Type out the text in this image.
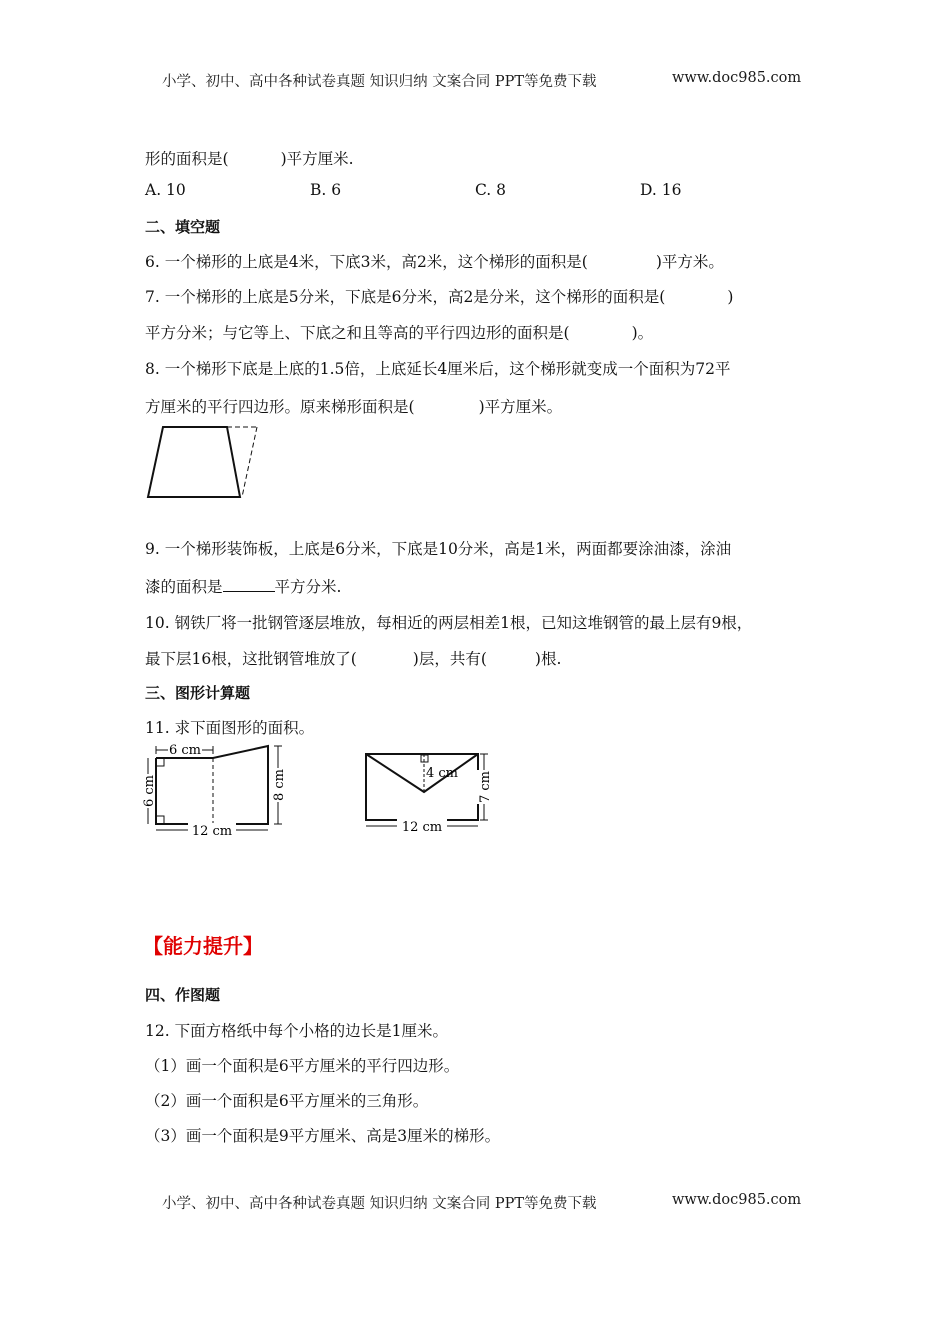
小学、初中、高中各种试卷真题 知识归纳 文案合同 PPT等免费下载	www.doc985.com
形的面积是(	)平方厘米.
A. 10	B. 6	C. 8	D. 16
二、填空题
6. 一个梯形的上底是4米，下底3米，高2米，这个梯形的面积是(	)平方米。
7. 一个梯形的上底是5分米，下底是6分米，高2是分米，这个梯形的面积是(	)
平方分米；与它等上、下底之和且等高的平行四边形的面积是(	)。
8. 一个梯形下底是上底的1.5倍，上底延长4厘米后，这个梯形就变成一个面积为72平
方厘米的平行四边形。原来梯形面积是(	)平方厘米。
9. 一个梯形装饰板，上底是6分米，下底是10分米，高是1米，两面都要涂油漆，涂油
漆的面积是	平方分米.
10. 钢铁厂将一批钢管逐层堆放，每相近的两层相差1根，已知这堆钢管的最上层有9根，
最下层16根，这批钢管堆放了(	)层，共有(	)根.
三、图形计算题
11. 求下面图形的面积。
6 cm
6 cm	8 cm
12 cm
4 cm 7 cm
12 cm
【能力提升】
四、作图题
12. 下面方格纸中每个小格的边长是1厘米。
（1）画一个面积是6平方厘米的平行四边形。
（2）画一个面积是6平方厘米的三角形。
（3）画一个面积是9平方厘米、高是3厘米的梯形。
小学、初中、高中各种试卷真题 知识归纳 文案合同 PPT等免费下载	www.doc985.com
